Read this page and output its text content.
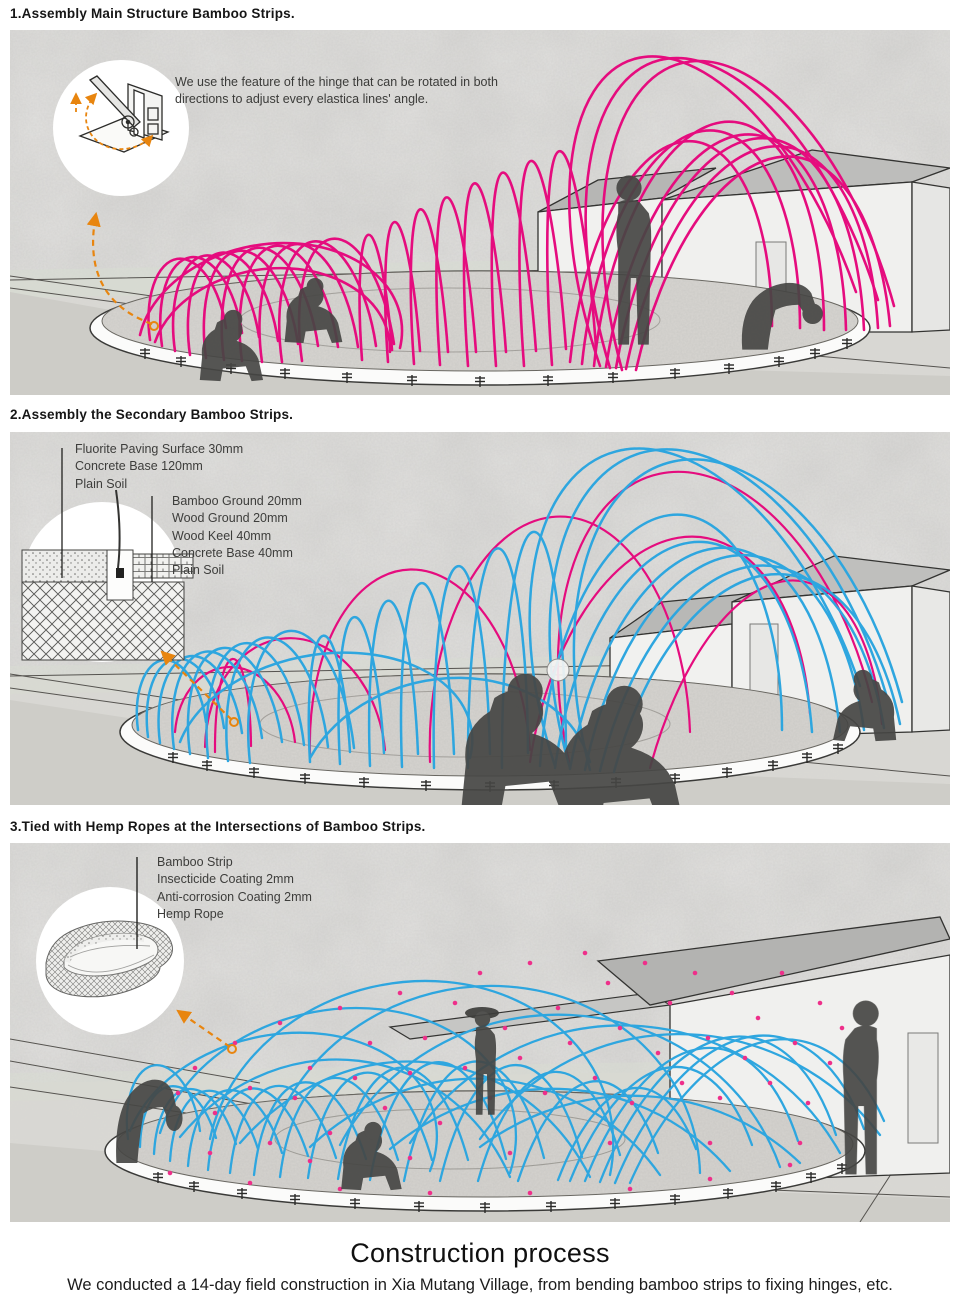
1.Assembly Main Structure Bamboo Strips.
We use the feature of the hinge that can be rotated in both directions to adjust every elastica lines' angle.
2.Assembly the Secondary Bamboo Strips.
Fluorite Paving Surface 30mm
Concrete Base 120mm
Plain Soil
Bamboo Ground 20mm
Wood Ground 20mm
Wood Keel 40mm
Concrete Base 40mm
Plain Soil
3.Tied with Hemp Ropes at the Intersections of Bamboo Strips.
Bamboo Strip
Insecticide Coating 2mm
Anti-corrosion Coating 2mm
Hemp Rope
Construction process
We conducted a 14-day field construction in Xia Mutang Village, from bending bamboo strips to fixing hinges, etc.
